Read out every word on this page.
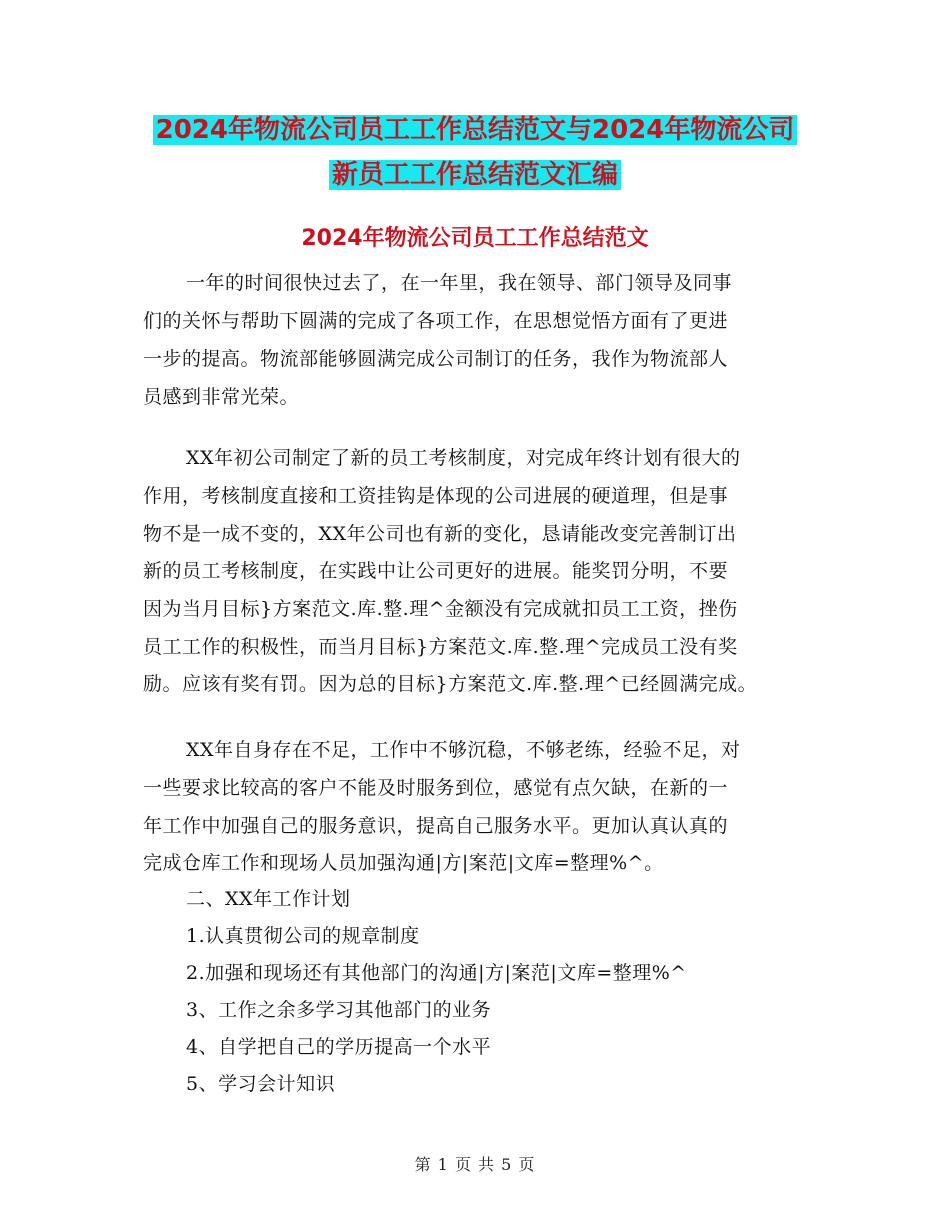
2024年物流公司员工工作总结范文与2024年物流公司
新员工工作总结范文汇编
2024年物流公司员工工作总结范文
一年的时间很快过去了，在一年里，我在领导、部门领导及同事
们的关怀与帮助下圆满的完成了各项工作，在思想觉悟方面有了更进
一步的提高。物流部能够圆满完成公司制订的任务，我作为物流部人
员感到非常光荣。
XX年初公司制定了新的员工考核制度，对完成年终计划有很大的
作用，考核制度直接和工资挂钩是体现的公司进展的硬道理，但是事
物不是一成不变的，XX年公司也有新的变化，恳请能改变完善制订出
新的员工考核制度，在实践中让公司更好的进展。能奖罚分明，不要
因为当月目标}方案范文.库.整.理^金额没有完成就扣员工工资，挫伤
员工工作的积极性，而当月目标}方案范文.库.整.理^完成员工没有奖
励。应该有奖有罚。因为总的目标}方案范文.库.整.理^已经圆满完成。
XX年自身存在不足，工作中不够沉稳，不够老练，经验不足，对
一些要求比较高的客户不能及时服务到位，感觉有点欠缺，在新的一
年工作中加强自己的服务意识，提高自己服务水平。更加认真认真的
完成仓库工作和现场人员加强沟通|方|案范|文库=整理%^。
二、XX年工作计划
1.认真贯彻公司的规章制度
2.加强和现场还有其他部门的沟通|方|案范|文库=整理%^
3、工作之余多学习其他部门的业务
4、自学把自己的学历提高一个水平
5、学习会计知识
第 1 页 共 5 页
